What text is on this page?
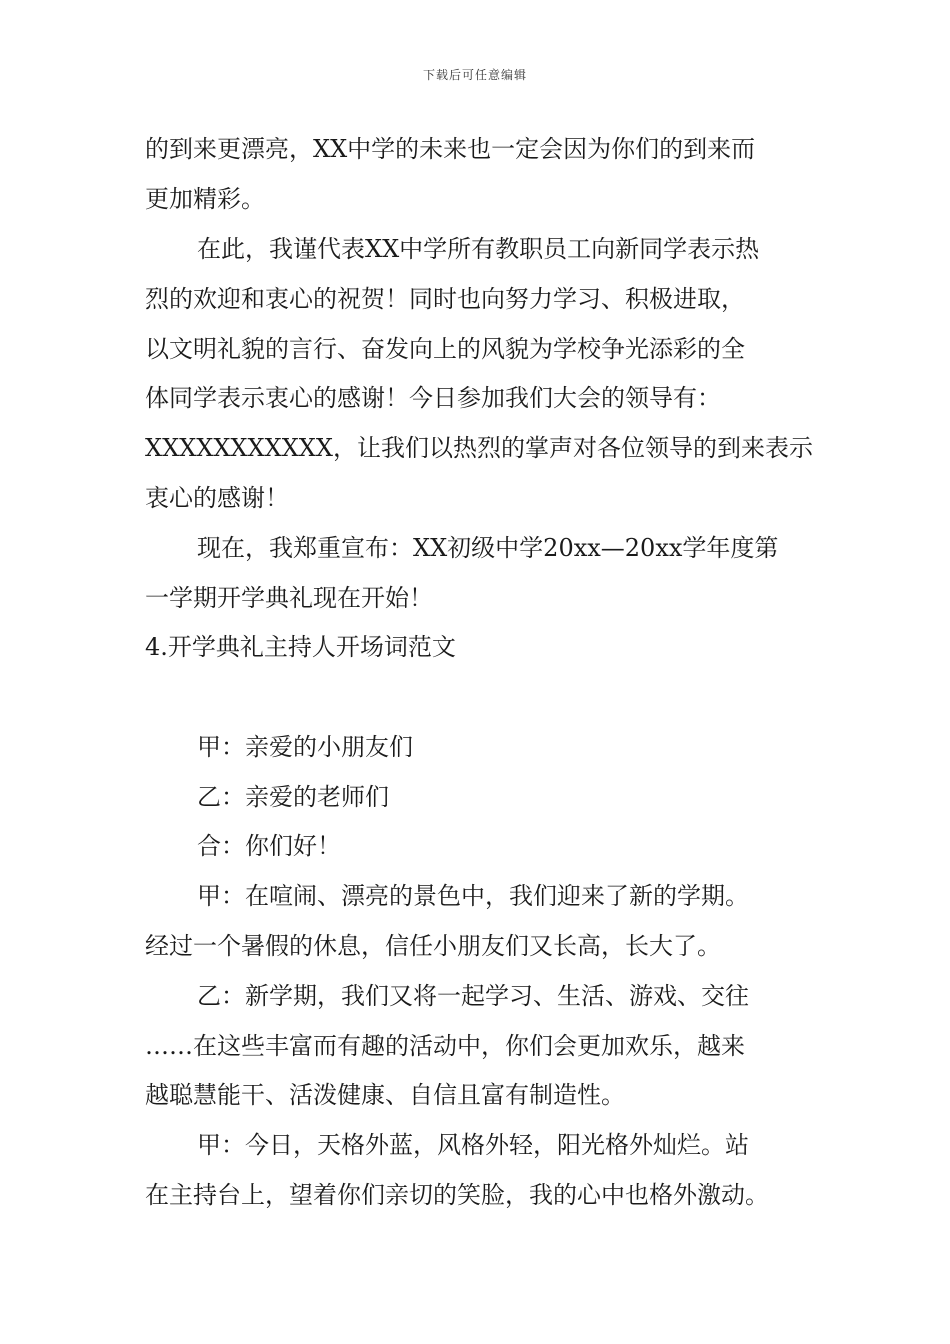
下载后可任意编辑
的到来更漂亮，XX中学的未来也一定会因为你们的到来而
更加精彩。
在此，我谨代表XX中学所有教职员工向新同学表示热
烈的欢迎和衷心的祝贺！同时也向努力学习、积极进取，
以文明礼貌的言行、奋发向上的风貌为学校争光添彩的全
体同学表示衷心的感谢！今日参加我们大会的领导有：
XXXXXXXXXXX，让我们以热烈的掌声对各位领导的到来表示
衷心的感谢！
现在，我郑重宣布：XX初级中学20xx—20xx学年度第
一学期开学典礼现在开始！
4.开学典礼主持人开场词范文
甲：亲爱的小朋友们
乙：亲爱的老师们
合：你们好！
甲：在喧闹、漂亮的景色中，我们迎来了新的学期。
经过一个暑假的休息，信任小朋友们又长高，长大了。
乙：新学期，我们又将一起学习、生活、游戏、交往
……在这些丰富而有趣的活动中，你们会更加欢乐，越来
越聪慧能干、活泼健康、自信且富有制造性。
甲：今日，天格外蓝，风格外轻，阳光格外灿烂。站
在主持台上，望着你们亲切的笑脸，我的心中也格外激动。
